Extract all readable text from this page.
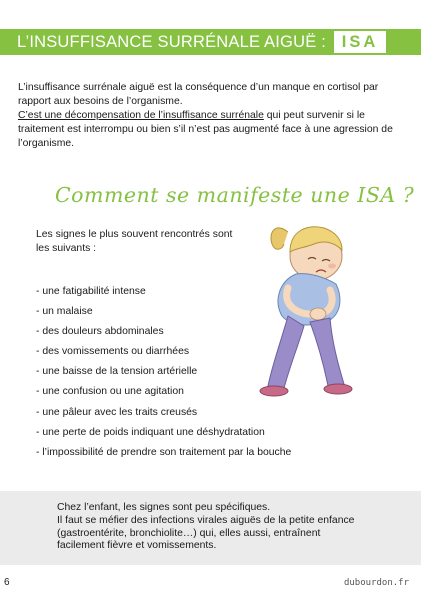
L’INSUFFISANCE SURRÉNALE AIGUË : ISA

L’insuffisance surrénale aiguë est la conséquence d’un manque en cortisol par rapport aux besoins de l’organisme.

C’est une décompensation de l’insuffisance surrénale qui peut survenir si le traitement est interrompu ou bien s’il n’est pas augmenté face à une agression de l’organisme.

Comment se manifeste une ISA ?
Les signes le plus souvent rencontrés sont les suivants :
- une fatigabilité intense
- un malaise
- des douleurs abdominales
- des vomissements ou diarrhées
- une baisse de la tension artérielle
- une confusion ou une agitation
- une pâleur avec les traits creusés
- une perte de poids indiquant une déshydratation
- l’impossibilité de prendre son traitement par la bouche
Chez l’enfant, les signes sont peu spécifiques.
Il faut se méfier des infections virales aiguës de la petite enfance (gastroentérite, bronchiolite…) qui, elles aussi, entraînent facilement fièvre et vomissements.
6	dubourdon.fr
